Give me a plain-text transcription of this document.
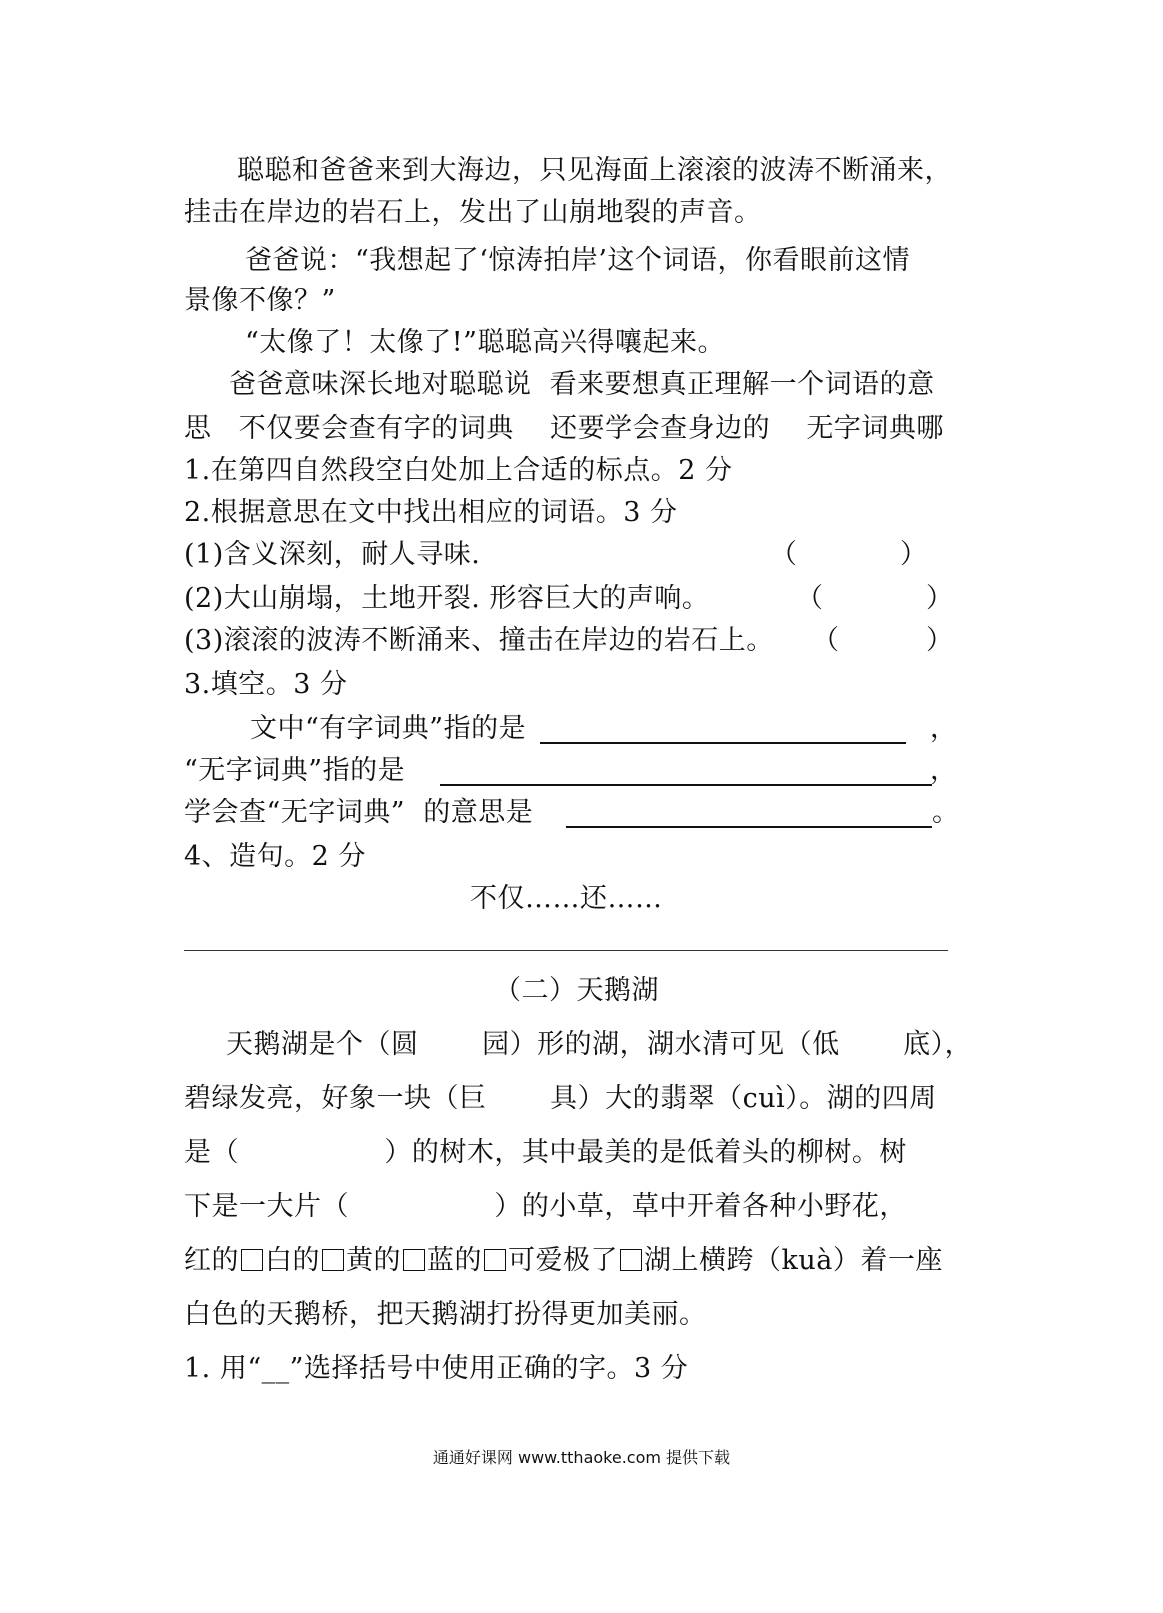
聪聪和爸爸来到大海边，只见海面上滚滚的波涛不断涌来，
挂击在岸边的岩石上，发出了山崩地裂的声音。
爸爸说：“我想起了‘惊涛拍岸’这个词语，你看眼前这情
景像不像？”
“太像了！太像了!”聪聪高兴得嚷起来。
爸爸意味深长地对聪聪说  看来要想真正理解一个词语的意
思   不仅要会查有字的词典    还要学会查身边的    无字词典哪
1.在第四自然段空白处加上合适的标点。2 分
2.根据意思在文中找出相应的词语。3 分
(1)含义深刻，耐人寻味.	（	）
(2)大山崩塌，土地开裂. 形容巨大的声响。	（	）
(3)滚滚的波涛不断涌来、撞击在岸边的岩石上。 （	）
3.填空。3 分
文中“有字词典”指的是	，
“无字词典”指的是	，
学会查“无字词典”  的意思是	。
4、造句。2 分
不仅……还……
（二）天鹅湖
天鹅湖是个（圆       园）形的湖，湖水清可见（低       底），
碧绿发亮，好象一块（巨       具）大的翡翠（cuì）。湖的四周
是（                ）的树木，其中最美的是低着头的柳树。树
下是一大片（                ）的小草，草中开着各种小野花，
红的 白的 黄的 蓝的 可爱极了 湖上横跨（kuà）着一座
白色的天鹅桥，把天鹅湖打扮得更加美丽。
1. 用“__”选择括号中使用正确的字。3 分
通通好课网 www.tthaoke.com 提供下载
